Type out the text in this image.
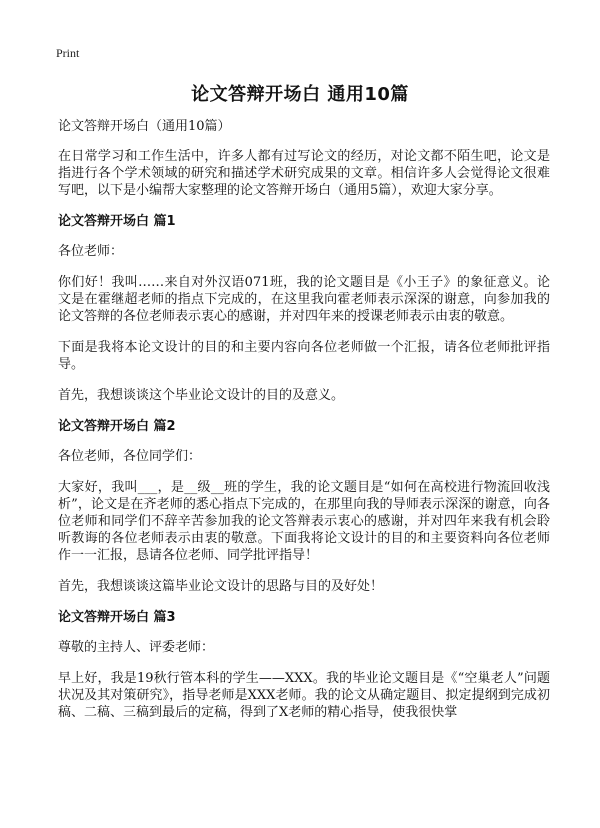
Print
论文答辩开场白 通用10篇

论文答辩开场白（通用10篇）

在日常学习和工作生活中，许多人都有过写论文的经历，对论文都不陌生吧，论文是指进行各个学术领域的研究和描述学术研究成果的文章。相信许多人会觉得论文很难写吧，以下是小编帮大家整理的论文答辩开场白（通用5篇），欢迎大家分享。

论文答辩开场白 篇1

各位老师：

你们好！我叫……来自对外汉语071班，我的论文题目是《小王子》的象征意义。论文是在霍继超老师的指点下完成的，在这里我向霍老师表示深深的谢意，向参加我的论文答辩的各位老师表示衷心的感谢，并对四年来的授课老师表示由衷的敬意。

下面是我将本论文设计的目的和主要内容向各位老师做一个汇报，请各位老师批评指导。

首先，我想谈谈这个毕业论文设计的目的及意义。

论文答辩开场白 篇2

各位老师，各位同学们：

大家好，我叫___，是__级__班的学生，我的论文题目是“如何在高校进行物流回收浅析”，论文是在齐老师的悉心指点下完成的，在那里向我的导师表示深深的谢意，向各位老师和同学们不辞辛苦参加我的论文答辩表示衷心的感谢，并对四年来我有机会聆听教诲的各位老师表示由衷的敬意。下面我将论文设计的目的和主要资料向各位老师作一一汇报，恳请各位老师、同学批评指导！

首先，我想谈谈这篇毕业论文设计的思路与目的及好处！

论文答辩开场白 篇3

尊敬的主持人、评委老师：

早上好，我是19秋行管本科的学生——XXX。我的毕业论文题目是《“空巢老人”问题状况及其对策研究》，指导老师是XXX老师。我的论文从确定题目、拟定提纲到完成初稿、二稿、三稿到最后的定稿，得到了X老师的精心指导，使我很快掌
